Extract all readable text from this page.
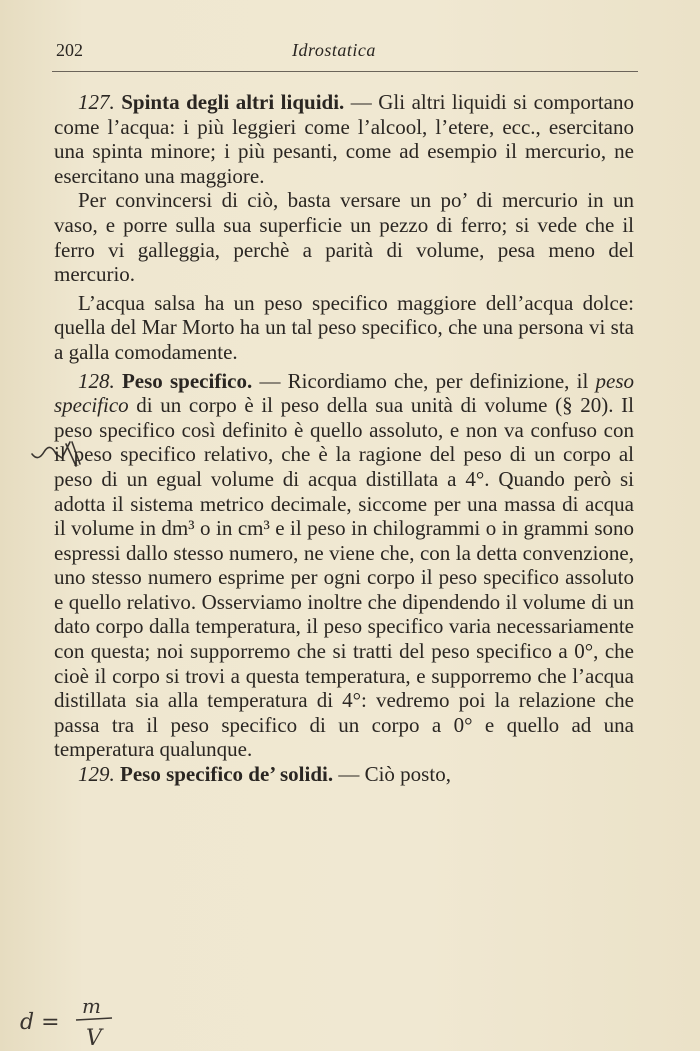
202	Idrostatica

127. Spinta degli altri liquidi. — Gli altri liquidi si comportano come l’acqua: i più leggieri come l’alcool, l’etere, ecc., esercitano una spinta minore; i più pesanti, come ad esempio il mercurio, ne esercitano una maggiore.

Per convincersi di ciò, basta versare un po’ di mercurio in un vaso, e porre sulla sua superficie un pezzo di ferro; si vede che il ferro vi galleggia, perchè a parità di volume, pesa meno del mercurio.

L’acqua salsa ha un peso specifico maggiore dell’acqua dolce: quella del Mar Morto ha un tal peso specifico, che una persona vi sta a galla comodamente.

128. Peso specifico. — Ricordiamo che, per definizione, il peso specifico di un corpo è il peso della sua unità di volume (§ 20). Il peso specifico così definito è quello assoluto, e non va confuso con il peso specifico relativo, che è la ragione del peso di un corpo al peso di un egual volume di acqua distillata a 4°. Quando però si adotta il sistema metrico decimale, siccome per una massa di acqua il volume in dm³ o in cm³ e il peso in chilogrammi o in grammi sono espressi dallo stesso numero, ne viene che, con la detta convenzione, uno stesso numero esprime per ogni corpo il peso specifico assoluto e quello relativo. Osserviamo inoltre che dipendendo il volume di un dato corpo dalla temperatura, il peso specifico varia necessariamente con questa; noi supporremo che si tratti del peso specifico a 0°, che cioè il corpo si trovi a questa temperatura, e supporremo che l’acqua distillata sia alla temperatura di 4°: vedremo poi la relazione che passa tra il peso specifico di un corpo a 0° e quello ad una temperatura qualunque.

129. Peso specifico de’ solidi. — Ciò posto,

d =
m
V
